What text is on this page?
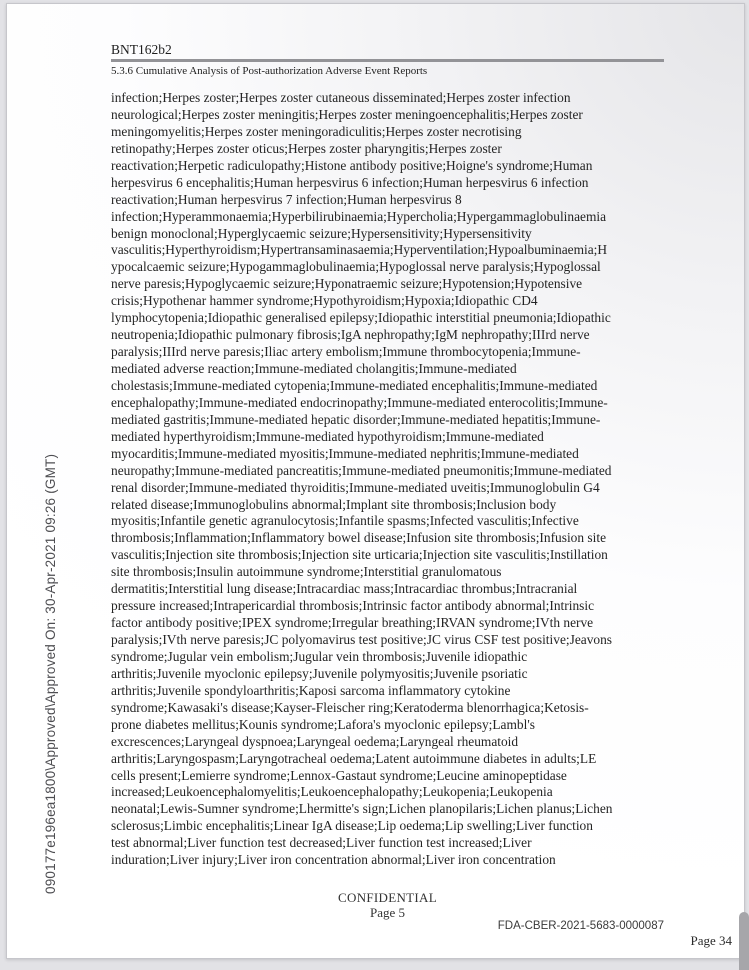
090177e196ea1800\Approved\Approved On: 30-Apr-2021 09:26 (GMT)
BNT162b2
5.3.6 Cumulative Analysis of Post-authorization Adverse Event Reports
infection;Herpes zoster;Herpes zoster cutaneous disseminated;Herpes zoster infection
neurological;Herpes zoster meningitis;Herpes zoster meningoencephalitis;Herpes zoster
meningomyelitis;Herpes zoster meningoradiculitis;Herpes zoster necrotising
retinopathy;Herpes zoster oticus;Herpes zoster pharyngitis;Herpes zoster
reactivation;Herpetic radiculopathy;Histone antibody positive;Hoigne's syndrome;Human
herpesvirus 6 encephalitis;Human herpesvirus 6 infection;Human herpesvirus 6 infection
reactivation;Human herpesvirus 7 infection;Human herpesvirus 8
infection;Hyperammonaemia;Hyperbilirubinaemia;Hypercholia;Hypergammaglobulinaemia
benign monoclonal;Hyperglycaemic seizure;Hypersensitivity;Hypersensitivity
vasculitis;Hyperthyroidism;Hypertransaminasaemia;Hyperventilation;Hypoalbuminaemia;H
ypocalcaemic seizure;Hypogammaglobulinaemia;Hypoglossal nerve paralysis;Hypoglossal
nerve paresis;Hypoglycaemic seizure;Hyponatraemic seizure;Hypotension;Hypotensive
crisis;Hypothenar hammer syndrome;Hypothyroidism;Hypoxia;Idiopathic CD4
lymphocytopenia;Idiopathic generalised epilepsy;Idiopathic interstitial pneumonia;Idiopathic
neutropenia;Idiopathic pulmonary fibrosis;IgA nephropathy;IgM nephropathy;IIIrd nerve
paralysis;IIIrd nerve paresis;Iliac artery embolism;Immune thrombocytopenia;Immune-
mediated adverse reaction;Immune-mediated cholangitis;Immune-mediated
cholestasis;Immune-mediated cytopenia;Immune-mediated encephalitis;Immune-mediated
encephalopathy;Immune-mediated endocrinopathy;Immune-mediated enterocolitis;Immune-
mediated gastritis;Immune-mediated hepatic disorder;Immune-mediated hepatitis;Immune-
mediated hyperthyroidism;Immune-mediated hypothyroidism;Immune-mediated
myocarditis;Immune-mediated myositis;Immune-mediated nephritis;Immune-mediated
neuropathy;Immune-mediated pancreatitis;Immune-mediated pneumonitis;Immune-mediated
renal disorder;Immune-mediated thyroiditis;Immune-mediated uveitis;Immunoglobulin G4
related disease;Immunoglobulins abnormal;Implant site thrombosis;Inclusion body
myositis;Infantile genetic agranulocytosis;Infantile spasms;Infected vasculitis;Infective
thrombosis;Inflammation;Inflammatory bowel disease;Infusion site thrombosis;Infusion site
vasculitis;Injection site thrombosis;Injection site urticaria;Injection site vasculitis;Instillation
site thrombosis;Insulin autoimmune syndrome;Interstitial granulomatous
dermatitis;Interstitial lung disease;Intracardiac mass;Intracardiac thrombus;Intracranial
pressure increased;Intrapericardial thrombosis;Intrinsic factor antibody abnormal;Intrinsic
factor antibody positive;IPEX syndrome;Irregular breathing;IRVAN syndrome;IVth nerve
paralysis;IVth nerve paresis;JC polyomavirus test positive;JC virus CSF test positive;Jeavons
syndrome;Jugular vein embolism;Jugular vein thrombosis;Juvenile idiopathic
arthritis;Juvenile myoclonic epilepsy;Juvenile polymyositis;Juvenile psoriatic
arthritis;Juvenile spondyloarthritis;Kaposi sarcoma inflammatory cytokine
syndrome;Kawasaki's disease;Kayser-Fleischer ring;Keratoderma blenorrhagica;Ketosis-
prone diabetes mellitus;Kounis syndrome;Lafora's myoclonic epilepsy;Lambl's
excrescences;Laryngeal dyspnoea;Laryngeal oedema;Laryngeal rheumatoid
arthritis;Laryngospasm;Laryngotracheal oedema;Latent autoimmune diabetes in adults;LE
cells present;Lemierre syndrome;Lennox-Gastaut syndrome;Leucine aminopeptidase
increased;Leukoencephalomyelitis;Leukoencephalopathy;Leukopenia;Leukopenia
neonatal;Lewis-Sumner syndrome;Lhermitte's sign;Lichen planopilaris;Lichen planus;Lichen
sclerosus;Limbic encephalitis;Linear IgA disease;Lip oedema;Lip swelling;Liver function
test abnormal;Liver function test decreased;Liver function test increased;Liver
induration;Liver injury;Liver iron concentration abnormal;Liver iron concentration
CONFIDENTIAL
Page 5
FDA-CBER-2021-5683-0000087
Page 34
